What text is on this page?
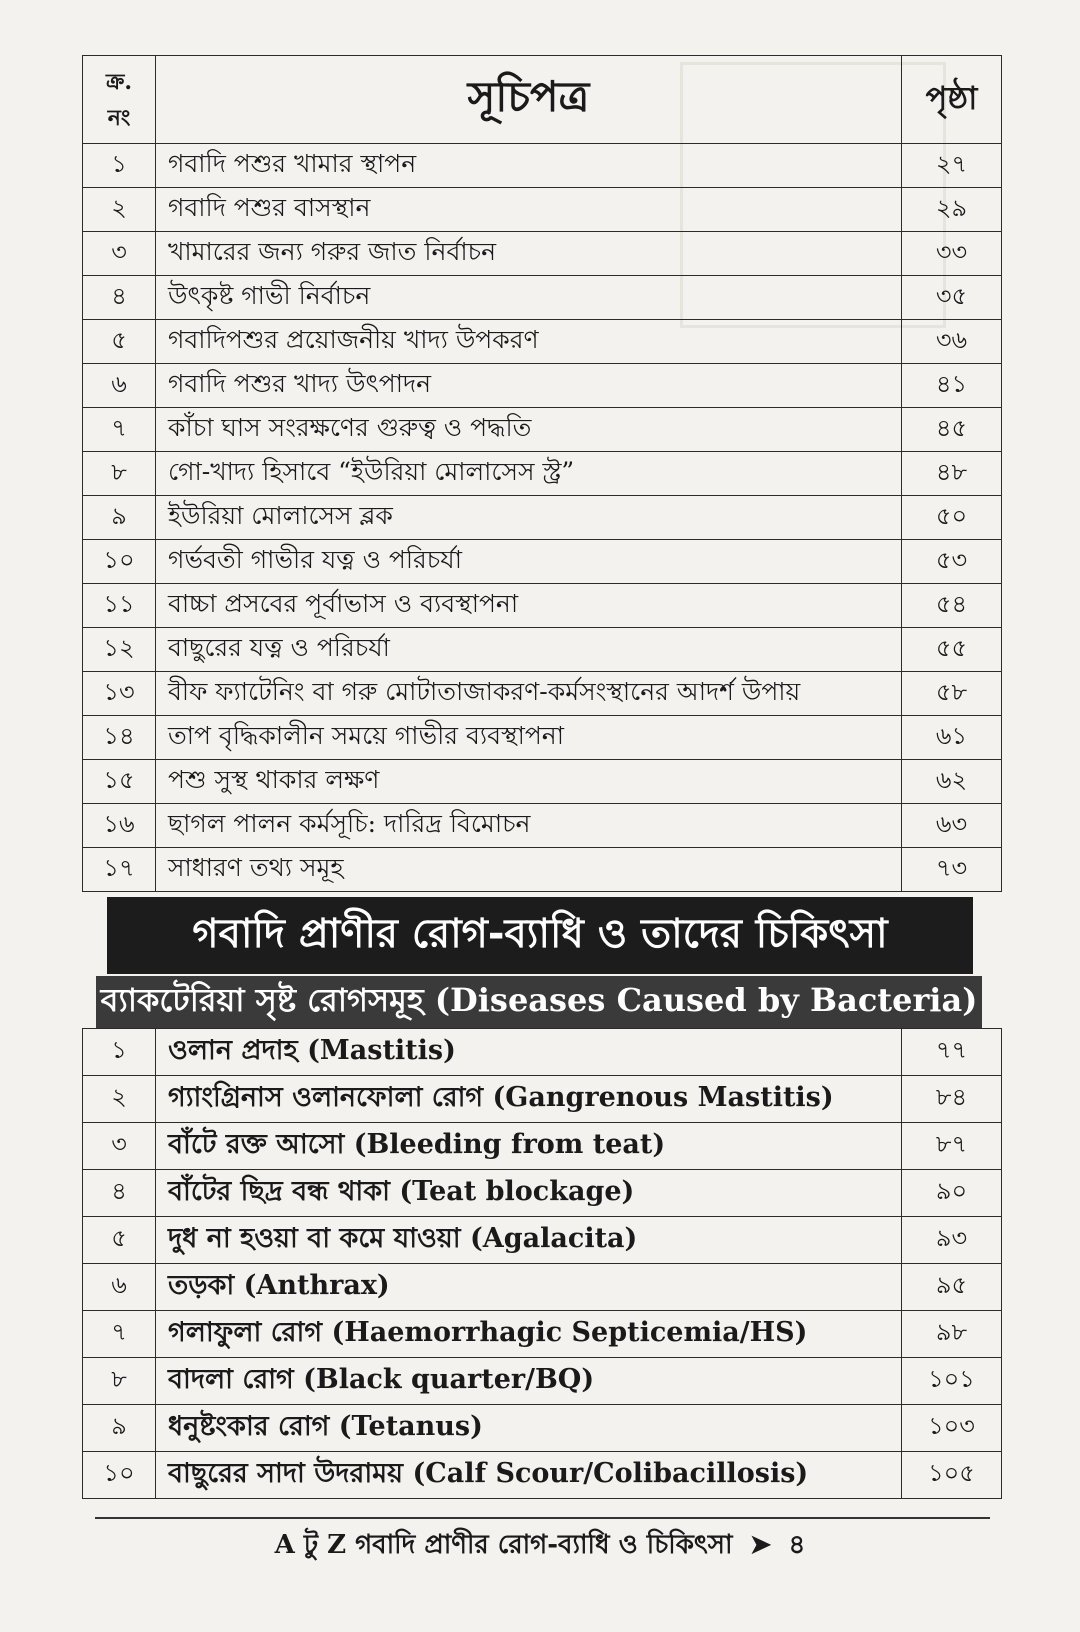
ক্র.
নং	সূচিপত্র	পৃষ্ঠা
১	গবাদি পশুর খামার স্থাপন	২৭
২	গবাদি পশুর বাসস্থান	২৯
৩	খামারের জন্য গরুর জাত নির্বাচন	৩৩
৪	উৎকৃষ্ট গাভী নির্বাচন	৩৫
৫	গবাদিপশুর প্রয়োজনীয় খাদ্য উপকরণ	৩৬
৬	গবাদি পশুর খাদ্য উৎপাদন	৪১
৭	কাঁচা ঘাস সংরক্ষণের গুরুত্ব ও পদ্ধতি	৪৫
৮	গো-খাদ্য হিসাবে “ইউরিয়া মোলাসেস স্ট্র”	৪৮
৯	ইউরিয়া মোলাসেস ব্লক	৫০
১০	গর্ভবতী গাভীর যত্ন ও পরিচর্যা	৫৩
১১	বাচ্চা প্রসবের পূর্বাভাস ও ব্যবস্থাপনা	৫৪
১২	বাছুরের যত্ন ও পরিচর্যা	৫৫
১৩	বীফ ফ্যাটেনিং বা গরু মোটাতাজাকরণ-কর্মসংস্থানের আদর্শ উপায়	৫৮
১৪	তাপ বৃদ্ধিকালীন সময়ে গাভীর ব্যবস্থাপনা	৬১
১৫	পশু সুস্থ থাকার লক্ষণ	৬২
১৬	ছাগল পালন কর্মসূচি: দারিদ্র বিমোচন	৬৩
১৭	সাধারণ তথ্য সমূহ	৭৩
গবাদি প্রাণীর রোগ-ব্যাধি ও তাদের চিকিৎসা
ব্যাকটেরিয়া সৃষ্ট রোগসমূহ (Diseases Caused by Bacteria)
১	ওলান প্রদাহ (Mastitis)	৭৭
২	গ্যাংগ্রিনাস ওলানফোলা রোগ (Gangrenous Mastitis)	৮৪
৩	বাঁটে রক্ত আসো (Bleeding from teat)	৮৭
৪	বাঁটের ছিদ্র বন্ধ থাকা (Teat blockage)	৯০
৫	দুধ না হওয়া বা কমে যাওয়া (Agalacita)	৯৩
৬	তড়কা (Anthrax)	৯৫
৭	গলাফুলা রোগ (Haemorrhagic Septicemia/HS)	৯৮
৮	বাদলা রোগ (Black quarter/BQ)	১০১
৯	ধনুষ্টংকার রোগ (Tetanus)	১০৩
১০	বাছুরের সাদা উদরাময় (Calf Scour/Colibacillosis)	১০৫
A টু Z গবাদি প্রাণীর রোগ-ব্যাধি ও চিকিৎসা ➤ ৪
